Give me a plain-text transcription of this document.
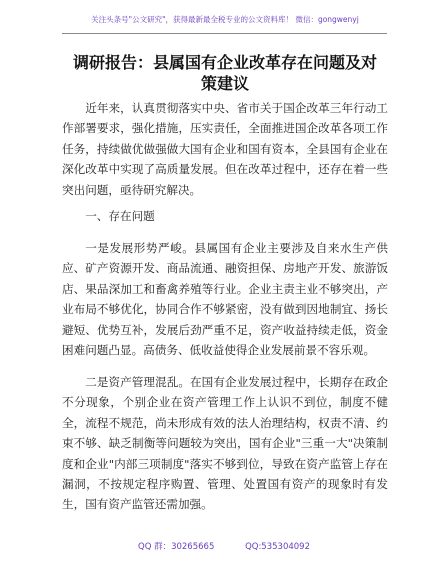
关注头条号"公文研究"，获得最新最全税专业的公文资料库！ 微信：gongwenyj
调研报告：县属国有企业改革存在问题及对策建议

近年来，认真贯彻落实中央、省市关于国企改革三年行动工作部署要求，强化措施，压实责任，全面推进国企改革各项工作任务，持续做优做强做大国有企业和国有资本，全县国有企业在深化改革中实现了高质量发展。但在改革过程中，还存在着一些突出问题，亟待研究解决。

一、存在问题

一是发展形势严峻。县属国有企业主要涉及自来水生产供应、矿产资源开发、商品流通、融资担保、房地产开发、旅游饭店、果品深加工和畜禽养殖等行业。企业主责主业不够突出，产业布局不够优化，协同合作不够紧密，没有做到因地制宜、扬长避短、优势互补，发展后劲严重不足，资产收益持续走低，资金困难问题凸显。高债务、低收益使得企业发展前景不容乐观。

二是资产管理混乱。在国有企业发展过程中，长期存在政企不分现象，个别企业在资产管理工作上认识不到位，制度不健全，流程不规范，尚未形成有效的法人治理结构，权责不清、约束不够、缺乏制衡等问题较为突出，国有企业"三重一大"决策制度和企业"内部三项制度"落实不够到位，导致在资产监管上存在漏洞，不按规定程序购置、管理、处置国有资产的现象时有发生，国有资产监管还需加强。

QQ 群：30265665	QQ:535304092
